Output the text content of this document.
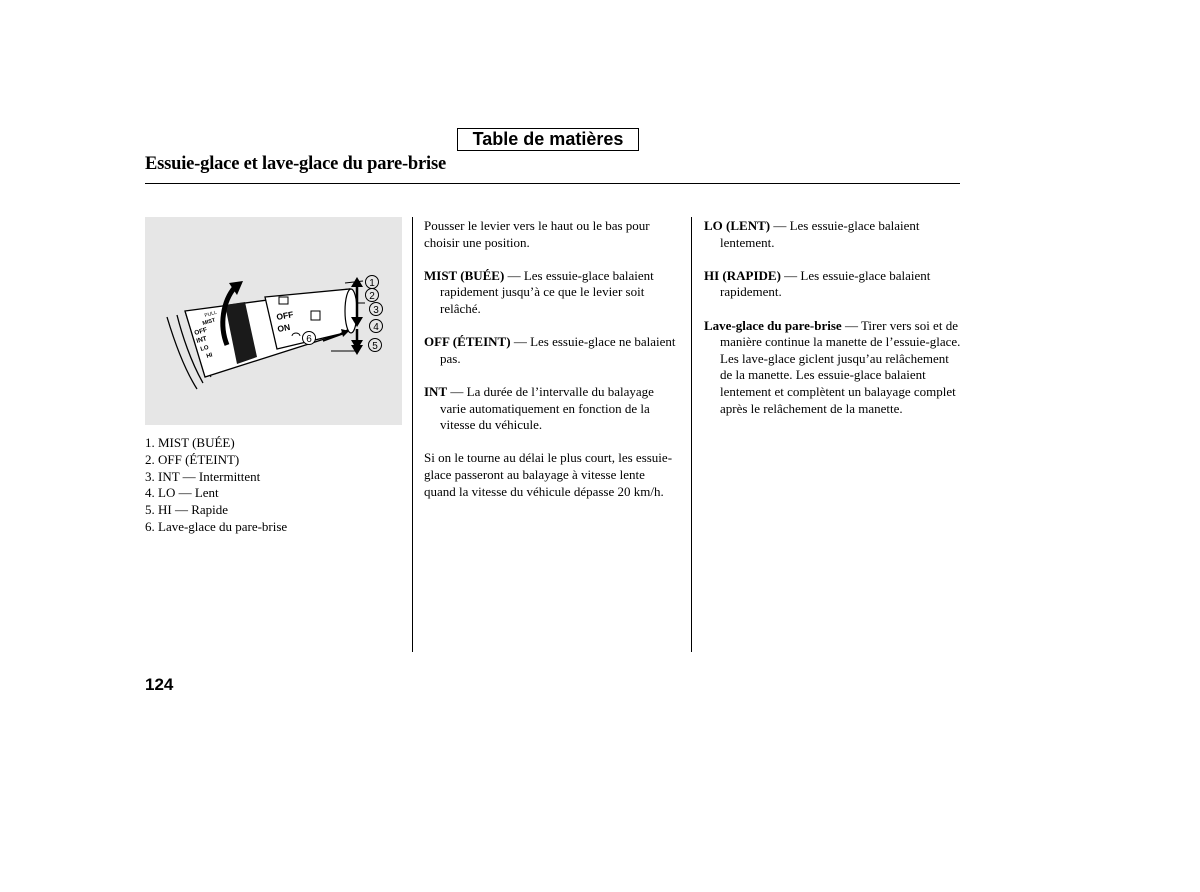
Table de matières
Essuie-glace et lave-glace du pare-brise
MIST
PULL
OFF
INT
LO
HI
OFF
ON
1
2
3
4
5
6
1. MIST (BUÉE)
2. OFF (ÉTEINT)
3. INT — Intermittent
4. LO — Lent
5. HI — Rapide
6. Lave-glace du pare-brise

Pousser le levier vers le haut ou le bas pour choisir une position.

MIST (BUÉE) — Les essuie-glace balaient rapidement jusqu’à ce que le levier soit relâché.

OFF (ÉTEINT) — Les essuie-glace ne balaient pas.

INT — La durée de l’intervalle du balayage varie automatiquement en fonction de la vitesse du véhicule.

Si on le tourne au délai le plus court, les essuie-glace passeront au balayage à vitesse lente quand la vitesse du véhicule dépasse 20 km/h.

LO (LENT) — Les essuie-glace balaient lentement.

HI (RAPIDE) — Les essuie-glace balaient rapidement.

Lave-glace du pare-brise — Tirer vers soi et de manière continue la manette de l’essuie-glace. Les lave-glace giclent jusqu’au relâchement de la manette. Les essuie-glace balaient lentement et complètent un balayage complet après le relâchement de la manette.

124
